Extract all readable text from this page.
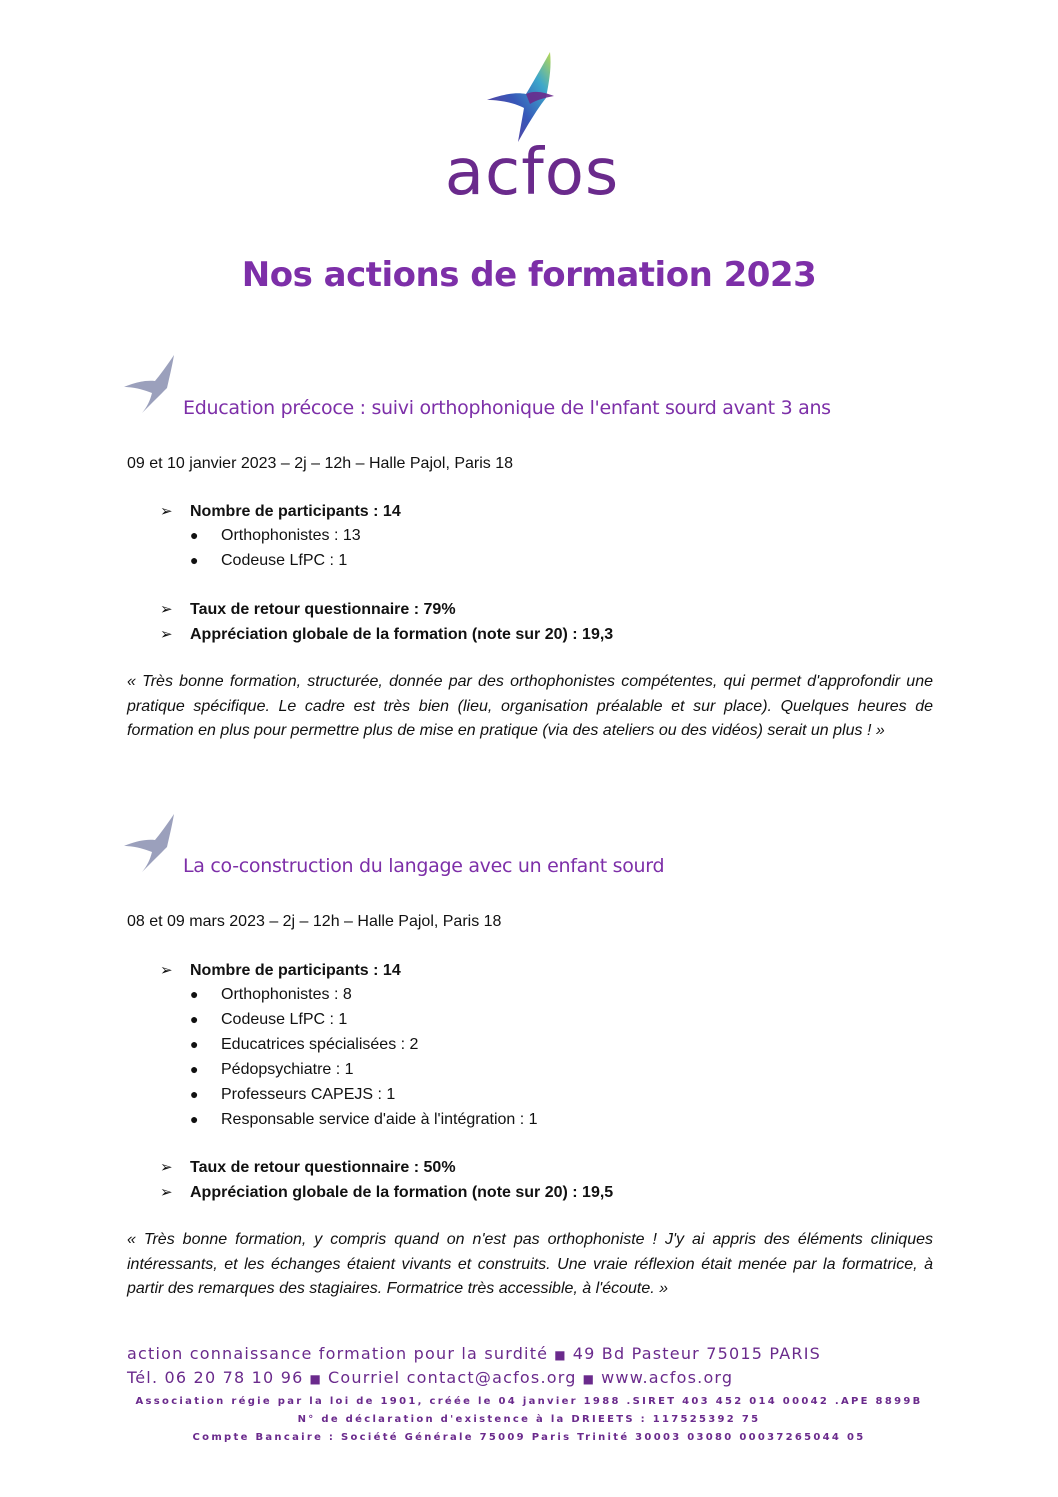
acfos
Nos actions de formation 2023
Education précoce : suivi orthophonique de l'enfant sourd avant 3 ans
09 et 10 janvier 2023 – 2j – 12h – Halle Pajol, Paris 18
➢ Nombre de participants : 14
● Orthophonistes : 13
● Codeuse LfPC : 1
➢ Taux de retour questionnaire : 79%
➢ Appréciation globale de la formation (note sur 20) : 19,3
« Très bonne formation, structurée, donnée par des orthophonistes compétentes, qui permet d'approfondir une pratique spécifique. Le cadre est très bien (lieu, organisation préalable et sur place). Quelques heures de formation en plus pour permettre plus de mise en pratique (via des ateliers ou des vidéos) serait un plus ! »
La co-construction du langage avec un enfant sourd
08 et 09 mars 2023 – 2j – 12h – Halle Pajol, Paris 18
➢ Nombre de participants : 14
● Orthophonistes : 8
● Codeuse LfPC : 1
● Educatrices spécialisées : 2
● Pédopsychiatre : 1
● Professeurs CAPEJS : 1
● Responsable service d'aide à l'intégration : 1
➢ Taux de retour questionnaire : 50%
➢ Appréciation globale de la formation (note sur 20) : 19,5
« Très bonne formation, y compris quand on n'est pas orthophoniste ! J'y ai appris des éléments cliniques intéressants, et les échanges étaient vivants et construits. Une vraie réflexion était menée par la formatrice, à partir des remarques des stagiaires. Formatrice très accessible, à l'écoute. »
action connaissance formation pour la surdité ■ 49 Bd Pasteur 75015 PARIS
Tél. 06 20 78 10 96 ■ Courriel contact@acfos.org ■ www.acfos.org
Association régie par la loi de 1901, créée le 04 janvier 1988 .SIRET 403 452 014 00042 .APE 8899B
N° de déclaration d'existence à la DRIEETS : 117525392 75
Compte Bancaire : Société Générale 75009 Paris Trinité 30003 03080 00037265044 05
